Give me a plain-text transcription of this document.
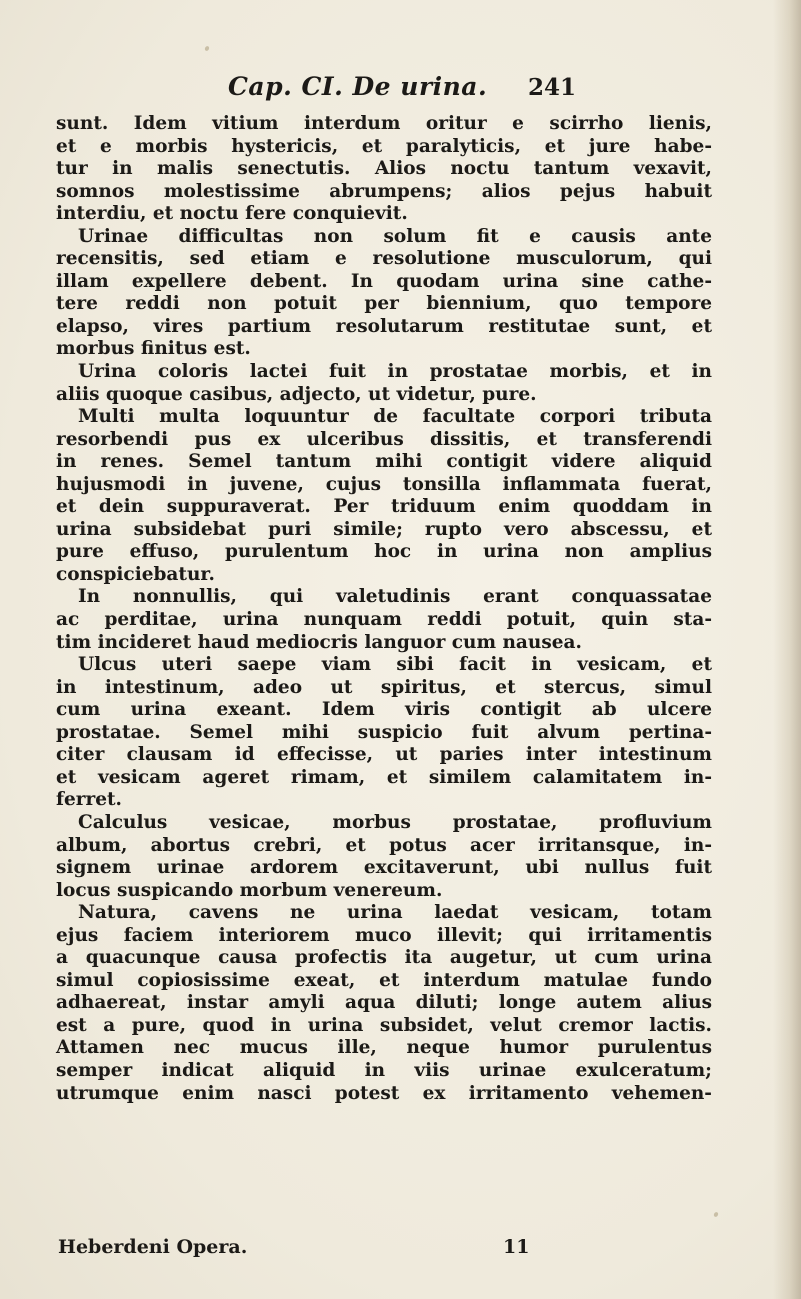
Cap. CI. De urina. 241
sunt. Idem vitium interdum oritur e scirrho lienis,
et e morbis hystericis, et paralyticis, et jure habe-
tur in malis senectutis. Alios noctu tantum vexavit,
somnos molestissime abrumpens; alios pejus habuit
interdiu, et noctu fere conquievit.
Urinae difficultas non solum fit e causis ante
recensitis, sed etiam e resolutione musculorum, qui
illam expellere debent. In quodam urina sine cathe-
tere reddi non potuit per biennium, quo tempore
elapso, vires partium resolutarum restitutae sunt, et
morbus finitus est.
Urina coloris lactei fuit in prostatae morbis, et in
aliis quoque casibus, adjecto, ut videtur, pure.
Multi multa loquuntur de facultate corpori tributa
resorbendi pus ex ulceribus dissitis, et transferendi
in renes. Semel tantum mihi contigit videre aliquid
hujusmodi in juvene, cujus tonsilla inflammata fuerat,
et dein suppuraverat. Per triduum enim quoddam in
urina subsidebat puri simile; rupto vero abscessu, et
pure effuso, purulentum hoc in urina non amplius
conspiciebatur.
In nonnullis, qui valetudinis erant conquassatae
ac perditae, urina nunquam reddi potuit, quin sta-
tim incideret haud mediocris languor cum nausea.
Ulcus uteri saepe viam sibi facit in vesicam, et
in intestinum, adeo ut spiritus, et stercus, simul
cum urina exeant. Idem viris contigit ab ulcere
prostatae. Semel mihi suspicio fuit alvum pertina-
citer clausam id effecisse, ut paries inter intestinum
et vesicam ageret rimam, et similem calamitatem in-
ferret.
Calculus vesicae, morbus prostatae, profluvium
album, abortus crebri, et potus acer irritansque, in-
signem urinae ardorem excitaverunt, ubi nullus fuit
locus suspicando morbum venereum.
Natura, cavens ne urina laedat vesicam, totam
ejus faciem interiorem muco illevit; qui irritamentis
a quacunque causa profectis ita augetur, ut cum urina
simul copiosissime exeat, et interdum matulae fundo
adhaereat, instar amyli aqua diluti; longe autem alius
est a pure, quod in urina subsidet, velut cremor lactis.
Attamen nec mucus ille, neque humor purulentus
semper indicat aliquid in viis urinae exulceratum;
utrumque enim nasci potest ex irritamento vehemen-
Heberdeni Opera.	11
